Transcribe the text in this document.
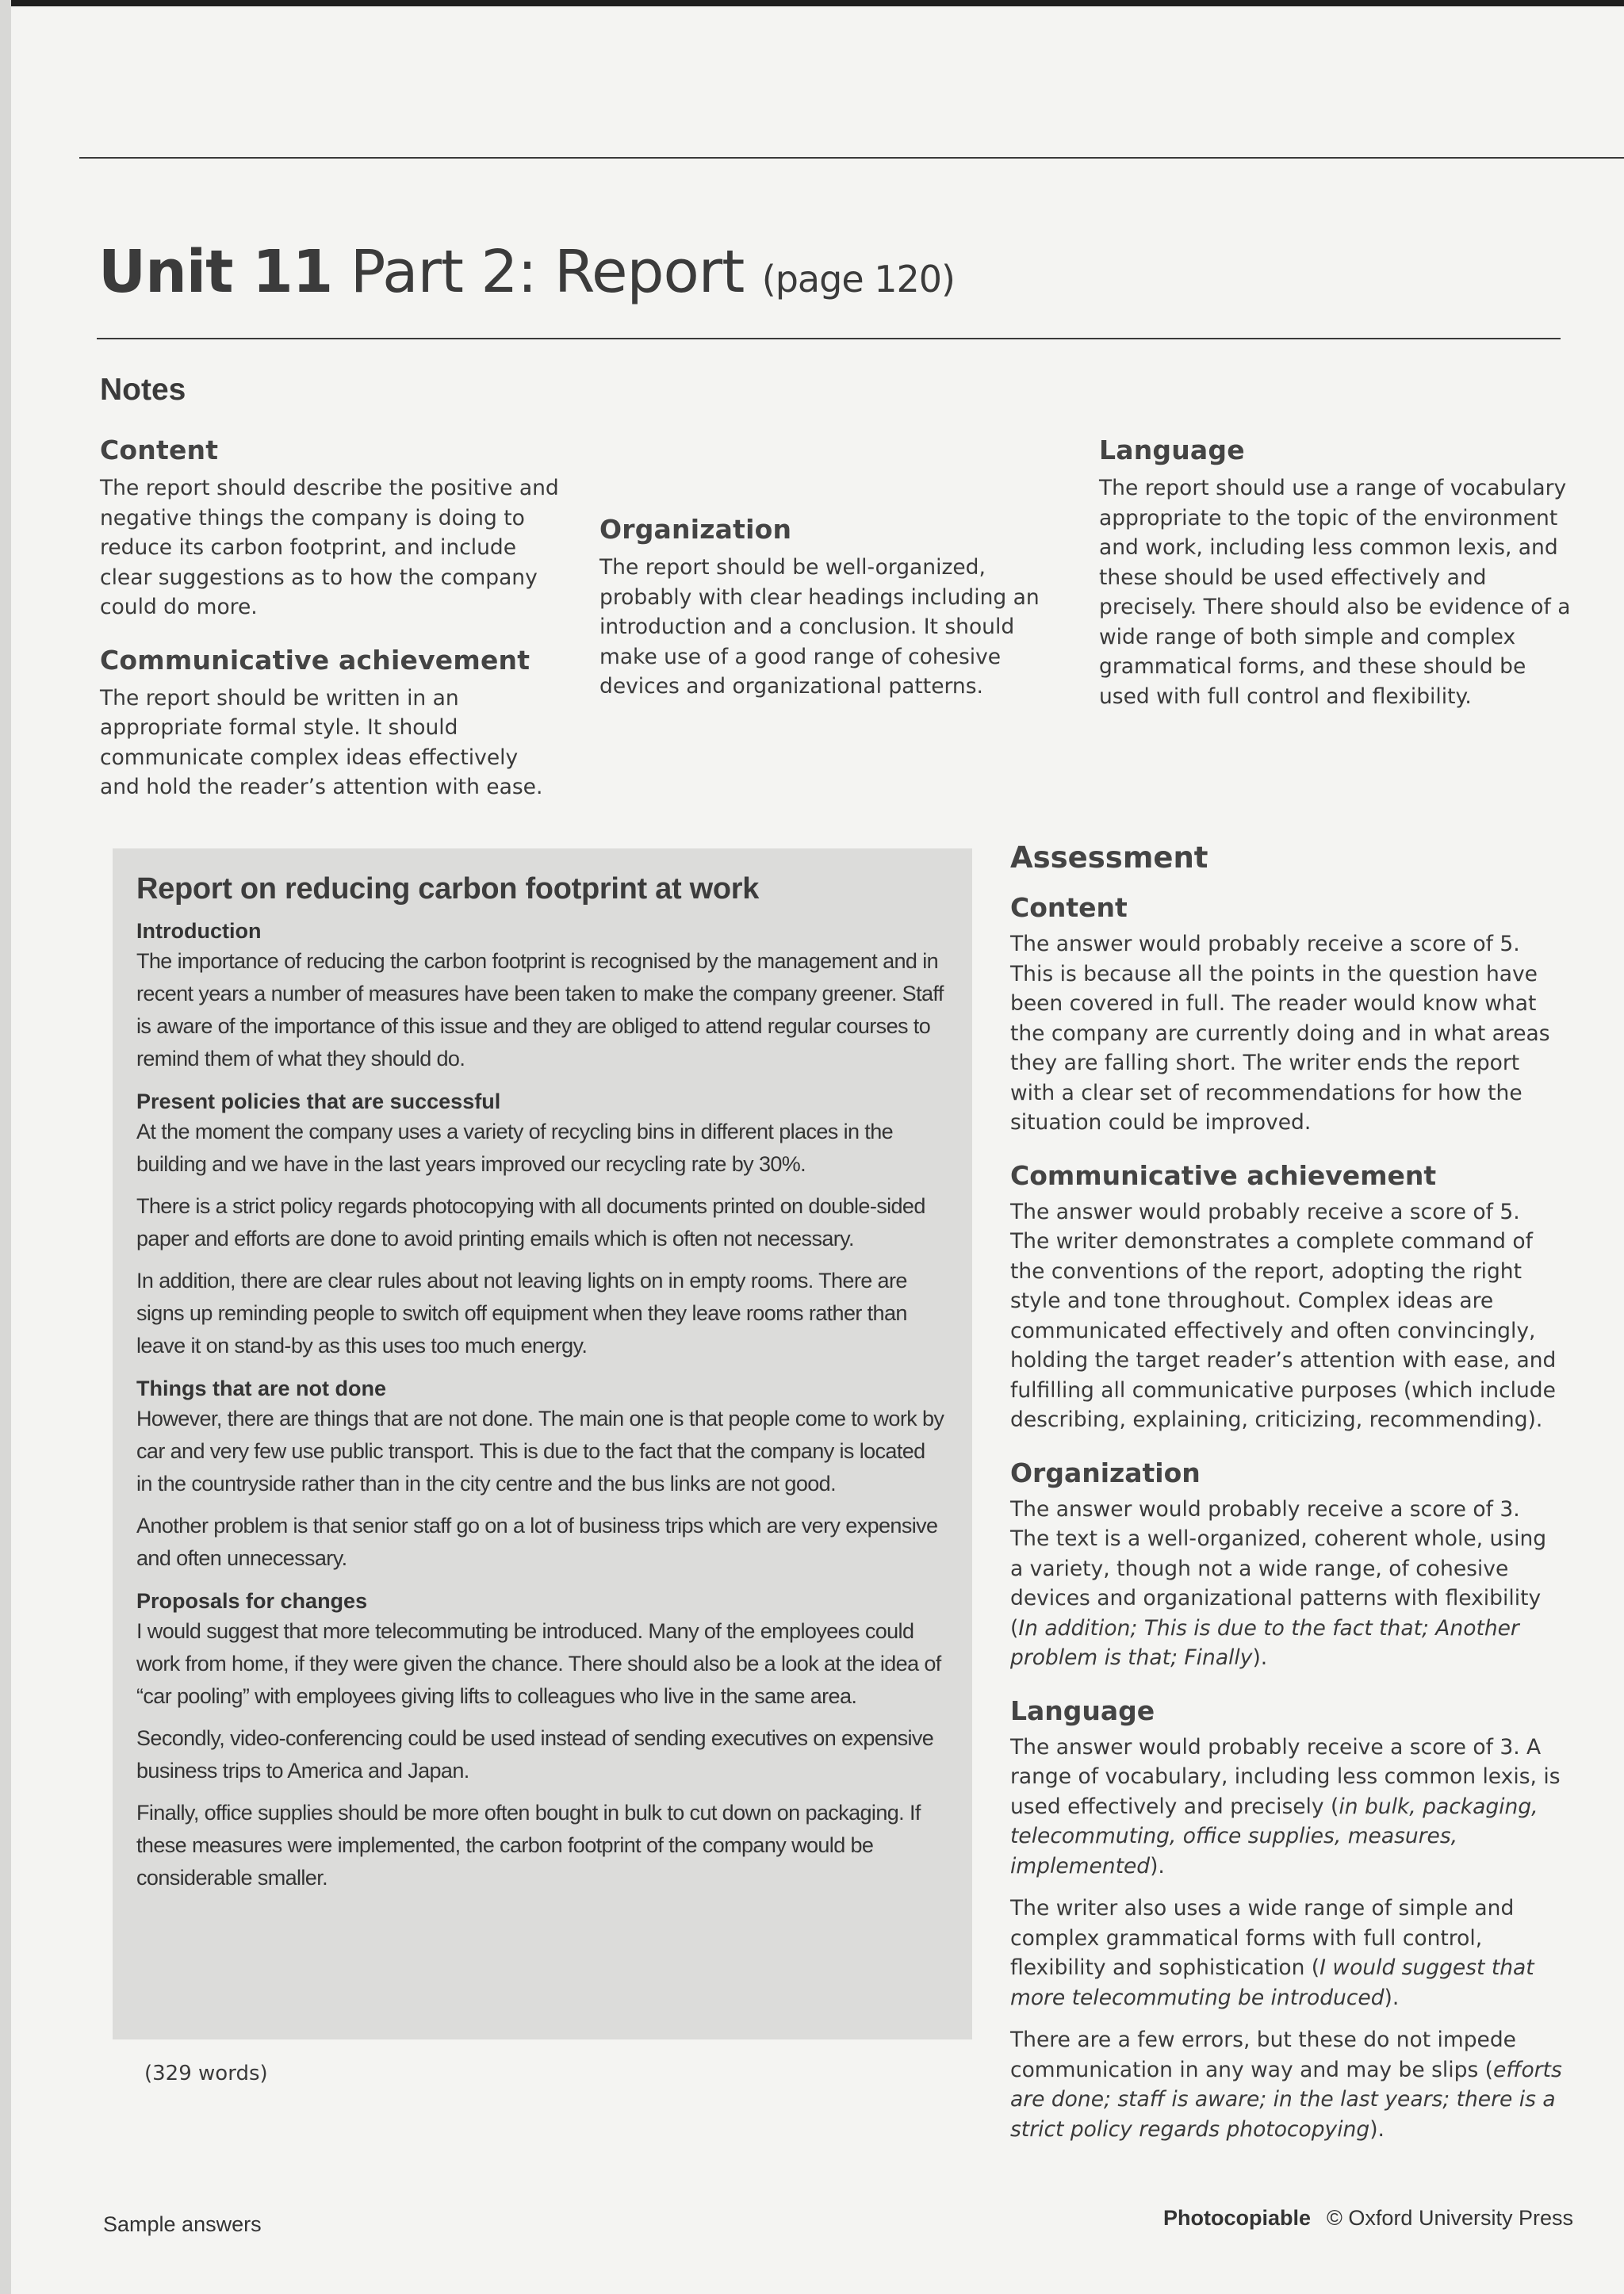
Unit 11 Part 2: Report (page 120)
Notes
Content

The report should describe the positive and negative things the company is doing to reduce its carbon footprint, and include clear suggestions as to how the company could do more.

Communicative achievement

The report should be written in an appropriate formal style. It should communicate complex ideas effectively and hold the reader’s attention with ease.

Organization

The report should be well-organized, probably with clear headings including an introduction and a conclusion. It should make use of a good range of cohesive devices and organizational patterns.

Language

The report should use a range of vocabulary appropriate to the topic of the environment and work, including less common lexis, and these should be used effectively and precisely. There should also be evidence of a wide range of both simple and complex grammatical forms, and these should be used with full control and flexibility.

Report on reducing carbon footprint at work
Introduction

The importance of reducing the carbon footprint is recognised by the management and in recent years a number of measures have been taken to make the company greener. Staff is aware of the importance of this issue and they are obliged to attend regular courses to remind them of what they should do.

Present policies that are successful

At the moment the company uses a variety of recycling bins in different places in the building and we have in the last years improved our recycling rate by 30%.

There is a strict policy regards photocopying with all documents printed on double-sided paper and efforts are done to avoid printing emails which is often not necessary.

In addition, there are clear rules about not leaving lights on in empty rooms. There are signs up reminding people to switch off equipment when they leave rooms rather than leave it on stand-by as this uses too much energy.

Things that are not done

However, there are things that are not done. The main one is that people come to work by car and very few use public transport. This is due to the fact that the company is located in the countryside rather than in the city centre and the bus links are not good.

Another problem is that senior staff go on a lot of business trips which are very expensive and often unnecessary.

Proposals for changes

I would suggest that more telecommuting be introduced. Many of the employees could work from home, if they were given the chance. There should also be a look at the idea of “car pooling” with employees giving lifts to colleagues who live in the same area.

Secondly, video-conferencing could be used instead of sending executives on expensive business trips to America and Japan.

Finally, office supplies should be more often bought in bulk to cut down on packaging. If these measures were implemented, the carbon footprint of the company would be considerable smaller.

(329 words)
Assessment
Content

The answer would probably receive a score of 5. This is because all the points in the question have been covered in full. The reader would know what the company are currently doing and in what areas they are falling short. The writer ends the report with a clear set of recommendations for how the situation could be improved.

Communicative achievement

The answer would probably receive a score of 5. The writer demonstrates a complete command of the conventions of the report, adopting the right style and tone throughout. Complex ideas are communicated effectively and often convincingly, holding the target reader’s attention with ease, and fulfilling all communicative purposes (which include describing, explaining, criticizing, recommending).

Organization

The answer would probably receive a score of 3. The text is a well-organized, coherent whole, using a variety, though not a wide range, of cohesive devices and organizational patterns with flexibility (In addition; This is due to the fact that; Another problem is that; Finally).

Language

The answer would probably receive a score of 3. A range of vocabulary, including less common lexis, is used effectively and precisely (in bulk, packaging, telecommuting, office supplies, measures, implemented).

The writer also uses a wide range of simple and complex grammatical forms with full control, flexibility and sophistication (I would suggest that more telecommuting be introduced).

There are a few errors, but these do not impede communication in any way and may be slips (efforts are done; staff is aware; in the last years; there is a strict policy regards photocopying).

Sample answers	Photocopiable © Oxford University Press
